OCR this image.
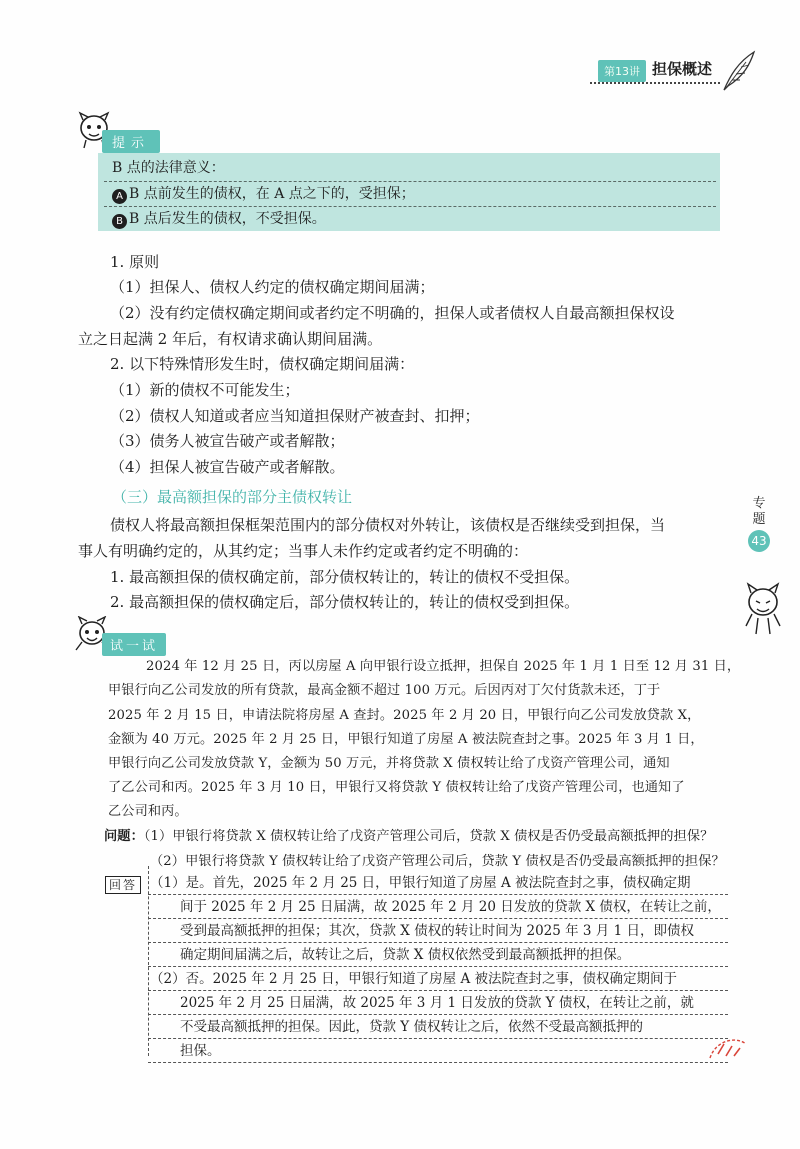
第13讲 担保概述
提示
B 点的法律意义：
A B 点前发生的债权，在 A 点之下的，受担保；
B B 点后发生的债权，不受担保。
1. 原则
（1）担保人、债权人约定的债权确定期间届满；
（2）没有约定债权确定期间或者约定不明确的，担保人或者债权人自最高额担保权设
立之日起满 2 年后，有权请求确认期间届满。
2. 以下特殊情形发生时，债权确定期间届满：
（1）新的债权不可能发生；
（2）债权人知道或者应当知道担保财产被查封、扣押；
（3）债务人被宣告破产或者解散；
（4）担保人被宣告破产或者解散。
（三）最高额担保的部分主债权转让
债权人将最高额担保框架范围内的部分债权对外转让，该债权是否继续受到担保，当
事人有明确约定的，从其约定；当事人未作约定或者约定不明确的：
1. 最高额担保的债权确定前，部分债权转让的，转让的债权不受担保。
2. 最高额担保的债权确定后，部分债权转让的，转让的债权受到担保。
专题
43
试一试
2024 年 12 月 25 日，丙以房屋 A 向甲银行设立抵押，担保自 2025 年 1 月 1 日至 12 月 31 日，
甲银行向乙公司发放的所有贷款，最高金额不超过 100 万元。后因丙对丁欠付货款未还，丁于
2025 年 2 月 15 日，申请法院将房屋 A 查封。2025 年 2 月 20 日，甲银行向乙公司发放贷款 X，
金额为 40 万元。2025 年 2 月 25 日，甲银行知道了房屋 A 被法院查封之事。2025 年 3 月 1 日，
甲银行向乙公司发放贷款 Y，金额为 50 万元，并将贷款 X 债权转让给了戊资产管理公司，通知
了乙公司和丙。2025 年 3 月 10 日，甲银行又将贷款 Y 债权转让给了戊资产管理公司，也通知了
乙公司和丙。
问题：（1）甲银行将贷款 X 债权转让给了戊资产管理公司后，贷款 X 债权是否仍受最高额抵押的担保？
（2）甲银行将贷款 Y 债权转让给了戊资产管理公司后，贷款 Y 债权是否仍受最高额抵押的担保？
回答 （1）是。首先，2025 年 2 月 25 日，甲银行知道了房屋 A 被法院查封之事，债权确定期
间于 2025 年 2 月 25 日届满，故 2025 年 2 月 20 日发放的贷款 X 债权，在转让之前，
受到最高额抵押的担保；其次，贷款 X 债权的转让时间为 2025 年 3 月 1 日，即债权
确定期间届满之后，故转让之后，贷款 X 债权依然受到最高额抵押的担保。
（2）否。2025 年 2 月 25 日，甲银行知道了房屋 A 被法院查封之事，债权确定期间于
2025 年 2 月 25 日届满，故 2025 年 3 月 1 日发放的贷款 Y 债权，在转让之前，就
不受最高额抵押的担保。因此，贷款 Y 债权转让之后，依然不受最高额抵押的
担保。
